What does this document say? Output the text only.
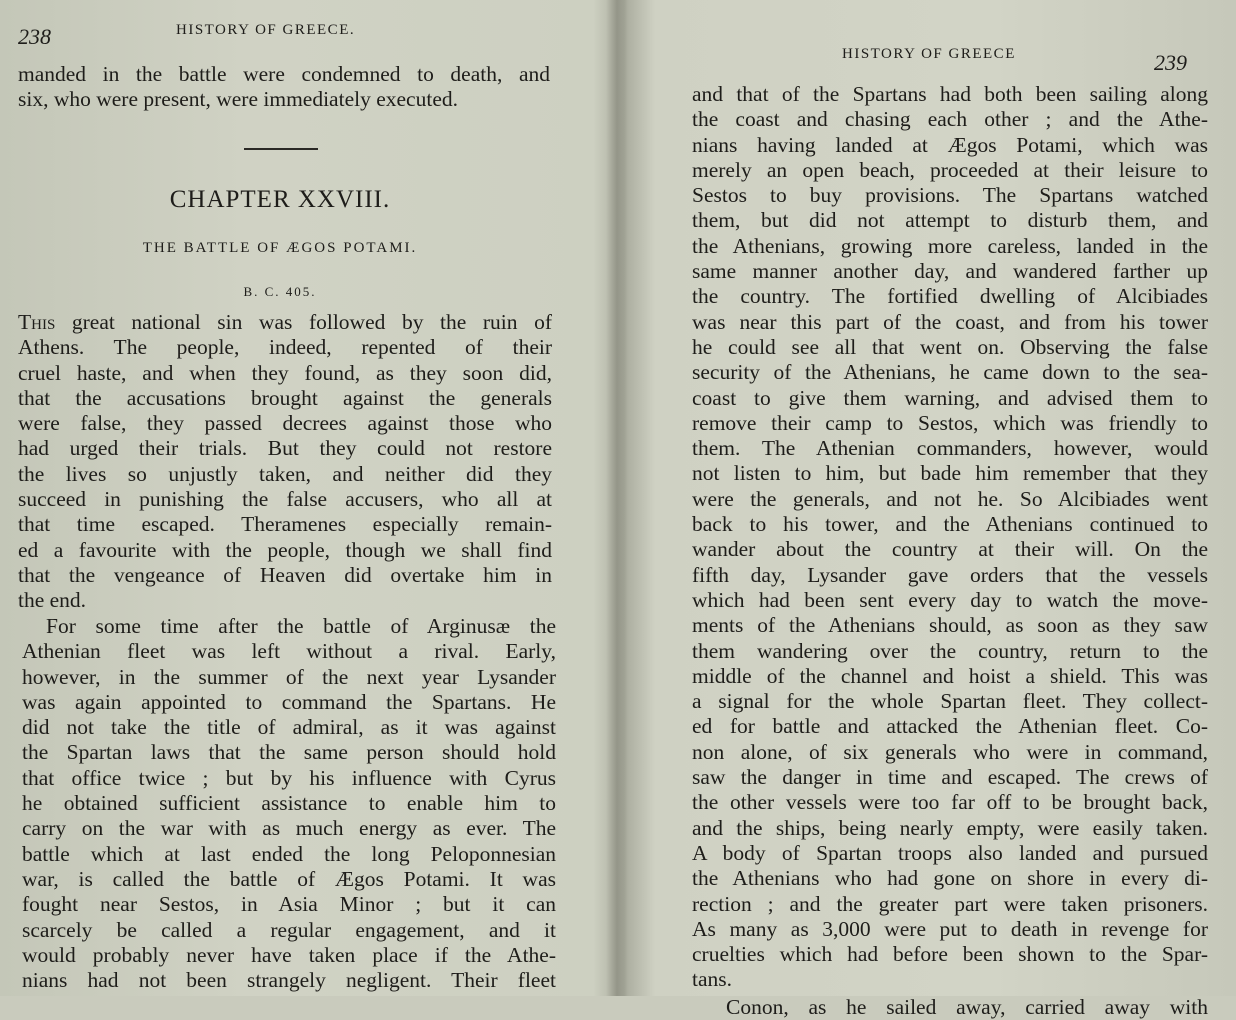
238	HISTORY OF GREECE.
manded in the battle were condemned to death, and
six, who were present, were immediately executed.
CHAPTER XXVIII.
THE BATTLE OF ÆGOS POTAMI.
B. C. 405.
This great national sin was followed by the ruin of
Athens. The people, indeed, repented of their
cruel haste, and when they found, as they soon did,
that the accusations brought against the generals
were false, they passed decrees against those who
had urged their trials. But they could not restore
the lives so unjustly taken, and neither did they
succeed in punishing the false accusers, who all at
that time escaped. Theramenes especially remain-
ed a favourite with the people, though we shall find
that the vengeance of Heaven did overtake him in
the end.
For some time after the battle of Arginusæ the
Athenian fleet was left without a rival. Early,
however, in the summer of the next year Lysander
was again appointed to command the Spartans. He
did not take the title of admiral, as it was against
the Spartan laws that the same person should hold
that office twice ; but by his influence with Cyrus
he obtained sufficient assistance to enable him to
carry on the war with as much energy as ever. The
battle which at last ended the long Peloponnesian
war, is called the battle of Ægos Potami. It was
fought near Sestos, in Asia Minor ; but it can
scarcely be called a regular engagement, and it
would probably never have taken place if the Athe-
nians had not been strangely negligent. Their fleet
HISTORY OF GREECE	239
and that of the Spartans had both been sailing along
the coast and chasing each other ; and the Athe-
nians having landed at Ægos Potami, which was
merely an open beach, proceeded at their leisure to
Sestos to buy provisions. The Spartans watched
them, but did not attempt to disturb them, and
the Athenians, growing more careless, landed in the
same manner another day, and wandered farther up
the country. The fortified dwelling of Alcibiades
was near this part of the coast, and from his tower
he could see all that went on. Observing the false
security of the Athenians, he came down to the sea-
coast to give them warning, and advised them to
remove their camp to Sestos, which was friendly to
them. The Athenian commanders, however, would
not listen to him, but bade him remember that they
were the generals, and not he. So Alcibiades went
back to his tower, and the Athenians continued to
wander about the country at their will. On the
fifth day, Lysander gave orders that the vessels
which had been sent every day to watch the move-
ments of the Athenians should, as soon as they saw
them wandering over the country, return to the
middle of the channel and hoist a shield. This was
a signal for the whole Spartan fleet. They collect-
ed for battle and attacked the Athenian fleet. Co-
non alone, of six generals who were in command,
saw the danger in time and escaped. The crews of
the other vessels were too far off to be brought back,
and the ships, being nearly empty, were easily taken.
A body of Spartan troops also landed and pursued
the Athenians who had gone on shore in every di-
rection ; and the greater part were taken prisoners.
As many as 3,000 were put to death in revenge for
cruelties which had before been shown to the Spar-
tans.
Conon, as he sailed away, carried away with
